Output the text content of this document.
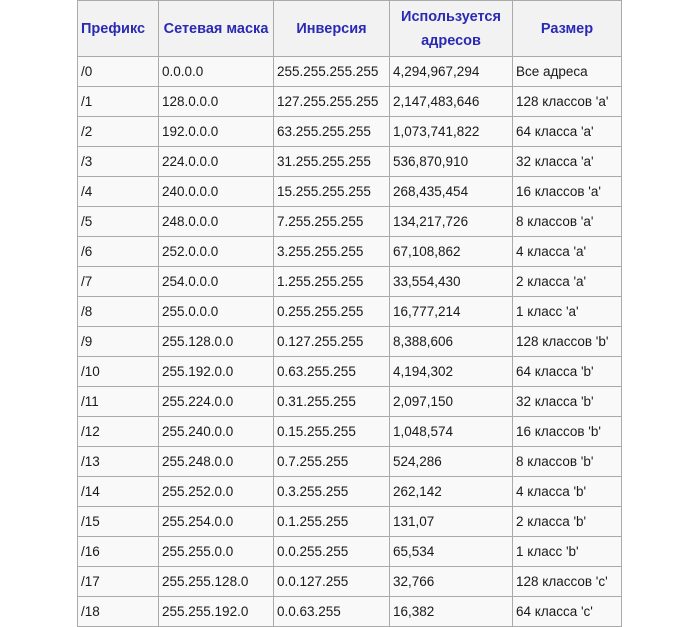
Префикс	Сетевая маска	Инверсия	Используется адресов	Размер
/0	0.0.0.0	255.255.255.255	4,294,967,294	Все адреса
/1	128.0.0.0	127.255.255.255	2,147,483,646	128 классов 'a'
/2	192.0.0.0	63.255.255.255	1,073,741,822	64 класса 'a'
/3	224.0.0.0	31.255.255.255	536,870,910	32 класса 'a'
/4	240.0.0.0	15.255.255.255	268,435,454	16 классов 'a'
/5	248.0.0.0	7.255.255.255	134,217,726	8 классов 'a'
/6	252.0.0.0	3.255.255.255	67,108,862	4 класса 'a'
/7	254.0.0.0	1.255.255.255	33,554,430	2 класса 'a'
/8	255.0.0.0	0.255.255.255	16,777,214	1 класс 'a'
/9	255.128.0.0	0.127.255.255	8,388,606	128 классов 'b'
/10	255.192.0.0	0.63.255.255	4,194,302	64 класса 'b'
/11	255.224.0.0	0.31.255.255	2,097,150	32 класса 'b'
/12	255.240.0.0	0.15.255.255	1,048,574	16 классов 'b'
/13	255.248.0.0	0.7.255.255	524,286	8 классов 'b'
/14	255.252.0.0	0.3.255.255	262,142	4 класса 'b'
/15	255.254.0.0	0.1.255.255	131,07	2 класса 'b'
/16	255.255.0.0	0.0.255.255	65,534	1 класс 'b'
/17	255.255.128.0	0.0.127.255	32,766	128 классов 'c'
/18	255.255.192.0	0.0.63.255	16,382	64 класса 'c'
